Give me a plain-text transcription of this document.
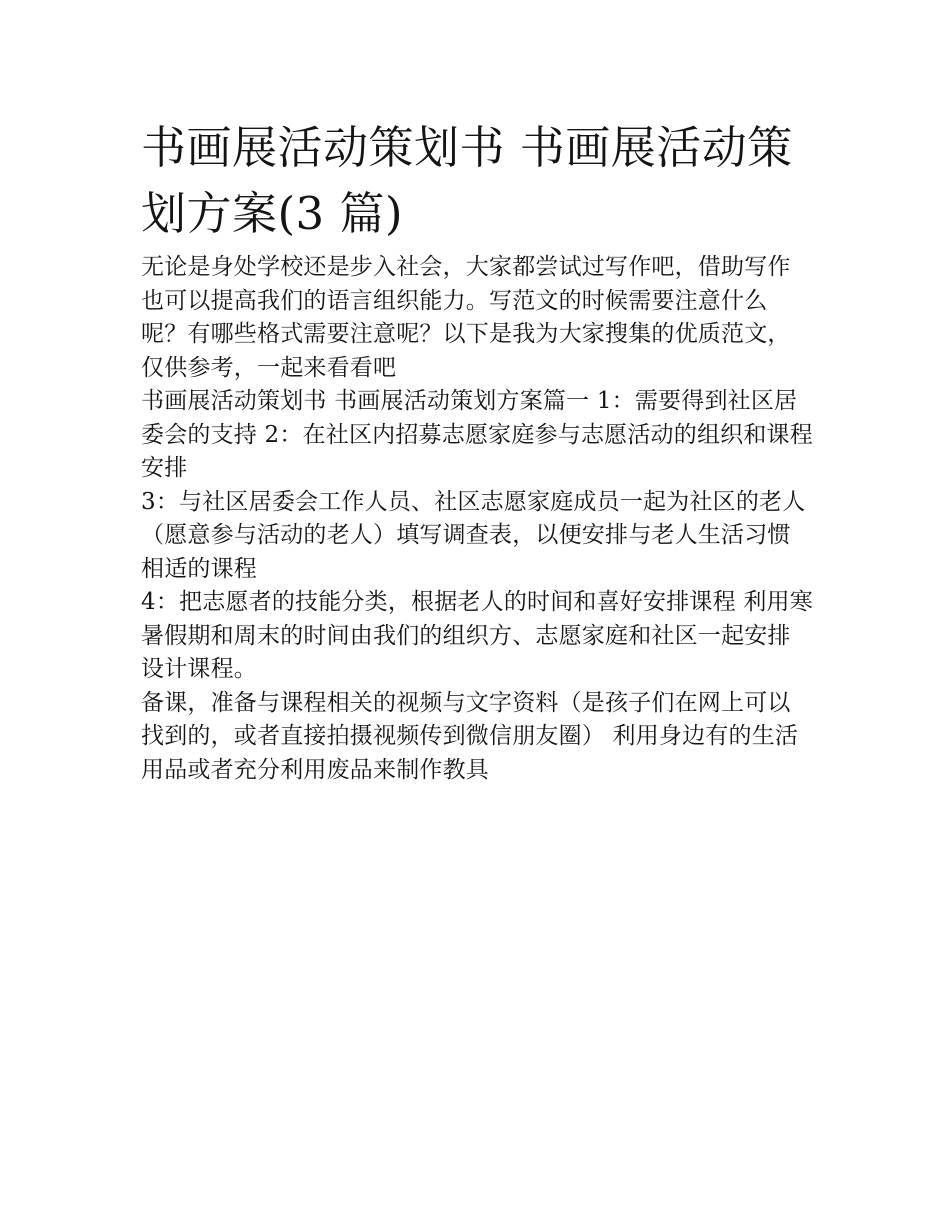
书画展活动策划书 书画展活动策划方案(3 篇)

无论是身处学校还是步入社会，大家都尝试过写作吧，借助写作也可以提高我们的语言组织能力。写范文的时候需要注意什么呢？有哪些格式需要注意呢？以下是我为大家搜集的优质范文，仅供参考，一起来看看吧

书画展活动策划书 书画展活动策划方案篇一 1：需要得到社区居委会的支持 2：在社区内招募志愿家庭参与志愿活动的组织和课程安排

3：与社区居委会工作人员、社区志愿家庭成员一起为社区的老人（愿意参与活动的老人）填写调查表，以便安排与老人生活习惯相适的课程

4：把志愿者的技能分类，根据老人的时间和喜好安排课程 利用寒暑假期和周末的时间由我们的组织方、志愿家庭和社区一起安排设计课程。

备课，准备与课程相关的视频与文字资料（是孩子们在网上可以找到的，或者直接拍摄视频传到微信朋友圈） 利用身边有的生活用品或者充分利用废品来制作教具
